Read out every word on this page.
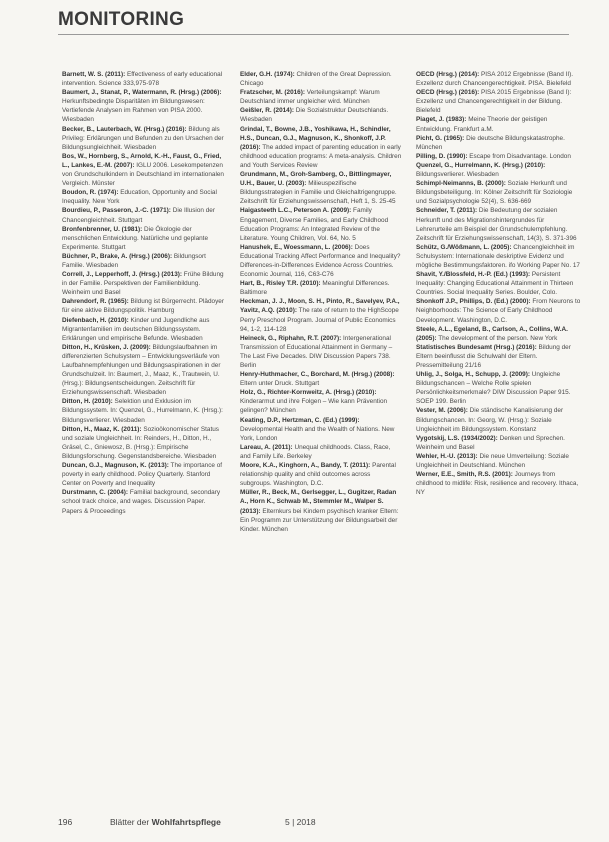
MONITORING

Barnett, W. S. (2011): Effectiveness of early educational intervention. Science 333,975-978

Baumert, J., Stanat, P., Watermann, R. (Hrsg.) (2006): Herkunftsbedingte Disparitäten im Bildungswesen: Vertiefende Analysen im Rahmen von PISA 2000. Wiesbaden

Becker, B., Lauterbach, W. (Hrsg.) (2016): Bildung als Privileg: Erklärungen und Befunden zu den Ursachen der Bildungsungleichheit. Wiesbaden

Bos, W., Hornberg, S., Arnold, K.-H., Faust, G., Fried, L., Lankes, E.-M. (2007): IGLU 2006. Lesekompetenzen von Grundschulkindern in Deutschland im internationalen Vergleich. Münster

Boudon, R. (1974): Education, Opportunity and Social Inequality. New York

Bourdieu, P., Passeron, J.-C. (1971): Die Illusion der Chancengleichheit. Stuttgart

Bronfenbrenner, U. (1981): Die Ökologie der menschlichen Entwicklung. Natürliche und geplante Experimente. Stuttgart

Büchner, P., Brake, A. (Hrsg.) (2006): Bildungsort Familie. Wiesbaden

Correll, J., Lepperhoff, J. (Hrsg.) (2013): Frühe Bildung in der Familie. Perspektiven der Familienbildung. Weinheim und Basel

Dahrendorf, R. (1965): Bildung ist Bürgerrecht. Plädoyer für eine aktive Bildungspolitik. Hamburg

Diefenbach, H. (2010): Kinder und Jugendliche aus Migrantenfamilien im deutschen Bildungssystem. Erklärungen und empirische Befunde. Wiesbaden

Ditton, H., Krüsken, J. (2009): Bildungslaufbahnen im differenzierten Schulsystem – Entwicklungsverläufe von Laufbahnempfehlungen und Bildungsaspirationen in der Grundschulzeit. In: Baumert, J., Maaz, K., Trautwein, U. (Hrsg.): Bildungsentscheidungen. Zeitschrift für Erziehungswissenschaft. Wiesbaden

Ditton, H. (2010): Selektion und Exklusion im Bildungssystem. In: Quenzel, G., Hurrelmann, K. (Hrsg.): Bildungsverlierer. Wiesbaden

Ditton, H., Maaz, K. (2011): Sozioökonomischer Status und soziale Ungleichheit. In: Reinders, H., Ditton, H., Gräsel, C., Gniewosz, B. (Hrsg.): Empirische Bildungsforschung. Gegenstandsbereiche. Wiesbaden

Duncan, G.J., Magnuson, K. (2013): The importance of poverty in early childhood. Policy Quarterly. Stanford Center on Poverty and Inequality

Durstmann, C. (2004): Familial background, secondary school track choice, and wages. Discussion Paper. Papers & Proceedings

Elder, G.H. (1974): Children of the Great Depression. Chicago

Fratzscher, M. (2016): Verteilungskampf: Warum Deutschland immer ungleicher wird. München

Geißler, R. (2014): Die Sozialstruktur Deutschlands. Wiesbaden

Grindal, T., Bowne, J.B., Yoshikawa, H., Schindler, H.S., Duncan, G.J., Magnuson, K., Shonkoff, J.P. (2016): The added impact of parenting education in early childhood education programs: A meta-analysis. Children and Youth Services Review

Grundmann, M., Groh-Samberg, O., Bittlingmayer, U.H., Bauer, U. (2003): Milieuspezifische Bildungsstrategien in Familie und Gleichaltrigengruppe. Zeitschrift für Erziehungswissenschaft, Heft 1, S. 25-45

Haigasteeth L.C., Peterson A. (2009): Family Engagement, Diverse Families, and Early Childhood Education Programs: An Integrated Review of the Literature. Young Children, Vol. 64, No. 5

Hanushek, E., Woessmann, L. (2006): Does Educational Tracking Affect Performance and Inequality? Differences-in-Differences Evidence Across Countries. Economic Journal, 116, C63-C76

Hart, B., Risley T.R. (2010): Meaningful Differences. Baltimore

Heckman, J. J., Moon, S. H., Pinto, R., Savelyev, P.A., Yavitz, A.Q. (2010): The rate of return to the HighScope Perry Preschool Program. Journal of Public Economics 94, 1-2, 114-128

Heineck, G., Riphahn, R.T. (2007): Intergenerational Transmission of Educational Attainment in Germany – The Last Five Decades. DIW Discussion Papers 738. Berlin

Henry-Huthmacher, C., Borchard, M. (Hrsg.) (2008): Eltern unter Druck. Stuttgart

Holz, G., Richter-Kornweitz, A. (Hrsg.) (2010): Kinderarmut und ihre Folgen – Wie kann Prävention gelingen? München

Keating, D.P., Hertzman, C. (Ed.) (1999): Developmental Health and the Wealth of Nations. New York, London

Lareau, A. (2011): Unequal childhoods. Class, Race, and Family Life. Berkeley

Moore, K.A., Kinghorn, A., Bandy, T. (2011): Parental relationship quality and child outcomes across subgroups. Washington, D.C.

Müller, R., Beck, M., Gerlsegger, L., Gugitzer, Radan A., Horn K., Schwab M., Stemmler M., Walper S. (2013): Elternkurs bei Kindern psychisch kranker Eltern: Ein Programm zur Unterstützung der Bildungsarbeit der Kinder. München

OECD (Hrsg.) (2014): PISA 2012 Ergebnisse (Band II). Exzellenz durch Chancengerechtigkeit. PISA. Bielefeld

OECD (Hrsg.) (2016): PISA 2015 Ergebnisse (Band I): Exzellenz und Chancengerechtigkeit in der Bildung. Bielefeld

Piaget, J. (1983): Meine Theorie der geistigen Entwicklung. Frankfurt a.M.

Picht, G. (1965): Die deutsche Bildungskatastrophe. München

Pilling, D. (1990): Escape from Disadvantage. London

Quenzel, G., Hurrelmann, K. (Hrsg.) (2010): Bildungsverlierer. Wiesbaden

Schimpl-Neimanns, B. (2000): Soziale Herkunft und Bildungsbeteiligung. In: Kölner Zeitschrift für Soziologie und Sozialpsychologie 52(4), S. 636-669

Schneider, T. (2011): Die Bedeutung der sozialen Herkunft und des Migrationshintergrundes für Lehrerurteile am Beispiel der Grundschulempfehlung. Zeitschrift für Erziehungswissenschaft, 14(3), S. 371-396

Schütz, G./Wößmann, L. (2005): Chancengleichheit im Schulsystem: Internationale deskriptive Evidenz und mögliche Bestimmungsfaktoren. ifo Working Paper No. 17

Shavit, Y./Blossfeld, H.-P. (Ed.) (1993): Persistent Inequality: Changing Educational Attainment in Thirteen Countries. Social Inequality Series. Boulder, Colo.

Shonkoff J.P., Phillips, D. (Ed.) (2000): From Neurons to Neighborhoods: The Science of Early Childhood Development. Washington, D.C.

Steele, A.L., Egeland, B., Carlson, A., Collins, W.A. (2005): The development of the person. New York

Statistisches Bundesamt (Hrsg.) (2016): Bildung der Eltern beeinflusst die Schulwahl der Eltern. Pressemitteilung 21/16

Uhlig, J., Solga, H., Schupp, J. (2009): Ungleiche Bildungschancen – Welche Rolle spielen Persönlichkeitsmerkmale? DIW Discussion Paper 915. SOEP 199. Berlin

Vester, M. (2006): Die ständische Kanalisierung der Bildungschancen. In: Georg, W. (Hrsg.): Soziale Ungleichheit im Bildungssystem. Konstanz

Vygotskij, L.S. (1934/2002): Denken und Sprechen. Weinheim und Basel

Wehler, H.-U. (2013): Die neue Umverteilung: Soziale Ungleichheit in Deutschland. München

Werner, E.E., Smith, R.S. (2001): Journeys from childhood to midlife: Risk, resilience and recovery. Ithaca, NY

196	Blätter der Wohlfahrtspflege	5 | 2018
